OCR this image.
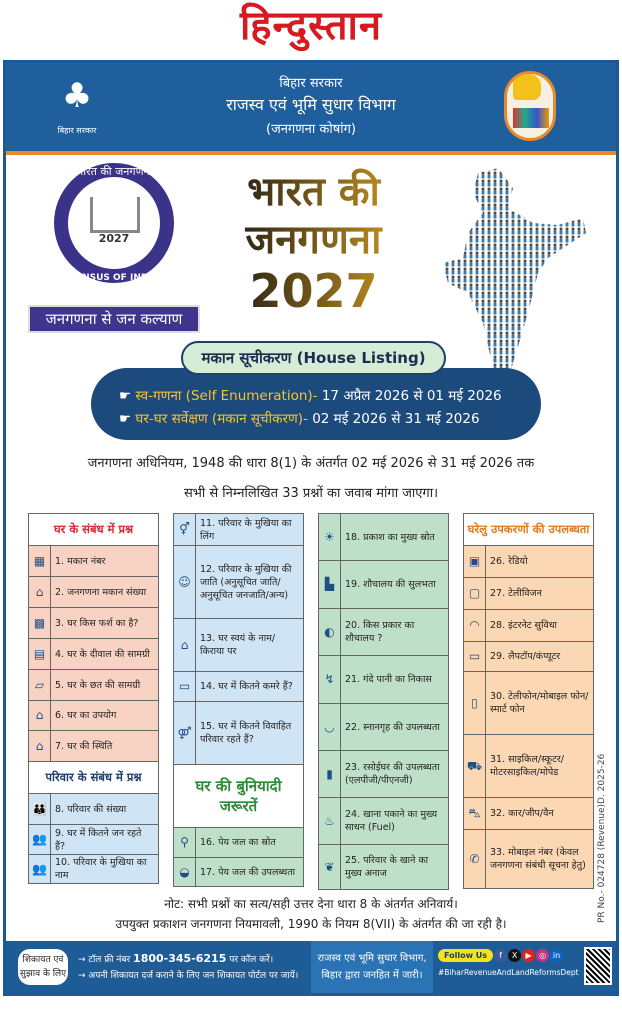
हिन्दुस्तान
♣
बिहार सरकार
बिहार सरकार
राजस्व एवं भूमि सुधार विभाग
(जनगणना कोषांग)
भारत की जनगणना
2027
CENSUS OF INDIA
जनगणना से जन कल्याण
भारत की
जनगणना
2027
मकान सूचीकरण (House Listing)
☛ स्व-गणना (Self Enumeration)- 17 अप्रैल 2026 से 01 मई 2026
☛ घर-घर सर्वेक्षण (मकान सूचीकरण)- 02 मई 2026 से 31 मई 2026
जनगणना अधिनियम, 1948 की धारा 8(1) के अंतर्गत 02 मई 2026 से 31 मई 2026 तक
सभी से निम्नलिखित 33 प्रश्नों का जवाब मांगा जाएगा।
घर के संबंध में प्रश्न
▦	1. मकान नंबर
⌂	2. जनगणना मकान संख्या
▩	3. घर किस फर्श का है?
▤	4. घर के दीवाल की सामग्री
▱	5. घर के छत की सामग्री
⌂	6. घर का उपयोग
⌂	7. घर की स्थिति
परिवार के संबंध में प्रश्न
👪 8. परिवार की संख्या
👥 9. घर में कितने जन रहते हैं?
👥 10. परिवार के मुखिया का नाम
⚥	11. परिवार के मुखिया का लिंग
☺
12. परिवार के मुखिया की जाति (अनुसूचित जाति/ अनुसूचित जनजाति/अन्य)
⌂	13. घर स्वयं के नाम/ किराया पर
▭	14. घर में कितने कमरे हैं?
⚤ 15. घर में कितने विवाहित परिवार रहते हैं?
घर की बुनियादी जरूरतें
⚲	16. पेय जल का स्रोत
◒	17. पेय जल की उपलब्धता
☀	18. प्रकाश का मुख्य स्रोत
▙	19. शौचालय की सुलभता
◐	20. किस प्रकार का शौचालय ?
↯	21. गंदे पानी का निकास
◡	22. स्नानगृह की उपलब्धता
▮	23. रसोईघर की उपलब्धता (एलपीजी/पीएनजी)
♨	24. खाना पकाने का मुख्य साधन (Fuel)
❦	25. परिवार के खाने का मुख्य अनाज
घरेलु उपकरणों की उपलब्धता
▣	26. रेडियो
▢	27. टेलीविजन
◠	28. इंटरनेट सुविधा
▭	29. लैपटॉप/कंप्यूटर
▯	30. टेलीफोन/मोबाइल फोन/स्मार्ट फोन
⛟ 31. साइकिल/स्कूटर/ मोटरसाइकिल/मोपेड
⛍ 32. कार/जीप/वैन
✆	33. मोबाइल नंबर (केवल जनगणना संबंधी सूचना हेतु)
नोट: सभी प्रश्नों का सत्य/सही उत्तर देना धारा 8 के अंतर्गत अनिवार्य।
उपयुक्त प्रकाशन जनगणना नियमावली, 1990 के नियम 8(VII) के अंतर्गत की जा रही है।
PR No.- 024728 (Revenue)D. 2025-26
शिकायत एवं सुझाव के लिए
→ टॉल फ्री नंबर 1800-345-6215 पर कॉल करें।
→ अपनी शिकायत दर्ज कराने के लिए जन शिकायत पोर्टल पर जायें।
राजस्व एवं भूमि सुधार विभाग,
बिहार द्वारा जनहित में जारी।
Follow Us f X ▶ ◎ in
#BiharRevenueAndLandReformsDept
